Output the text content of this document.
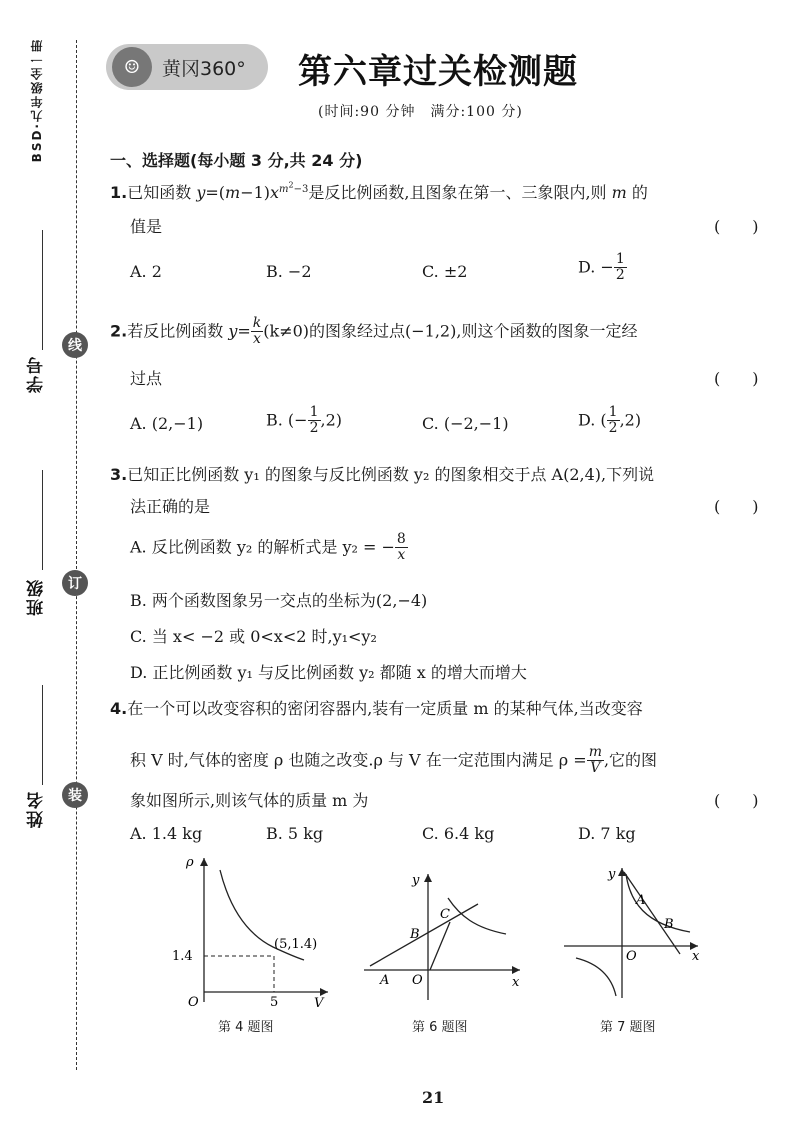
BSD·九年级全一册
线
订
装
学号
班级
姓名
☺	黄冈360° 第六章过关检测题
(时间:90 分钟　满分:100 分)
一、选择题(每小题 3 分,共 24 分)
1.已知函数 $y=(m-1)x^{m^2-3}$是反比例函数,且图象在第一、三象限内,则 m 的
值是	(　　)
A. 2	B. −2	C. ±2	D. − $\frac{1}{2}$
2.若反比例函数 $y= \frac{k}{x} (k\ne 0)$的图象经过点(−1,2),则这个函数的图象一定经
过点	(　　)
A. (2,−1)	B. (− $\frac{1}{2} ,2$)	C. (−2,−1)	D. ( $\frac{1}{2} ,2$)
3.已知正比例函数 y₁ 的图象与反比例函数 y₂ 的图象相交于点 A(2,4),下列说
法正确的是	(　　)
A. 反比例函数 y₂ 的解析式是 y₂ = − $\frac{8}{x}$
B. 两个函数图象另一交点的坐标为(2,−4)
C. 当 x< −2 或 0<x<2 时,y₁<y₂
D. 正比例函数 y₁ 与反比例函数 y₂ 都随 x 的增大而增大
4.在一个可以改变容积的密闭容器内,装有一定质量 m 的某种气体,当改变容
积 V 时,气体的密度 ρ 也随之改变.ρ 与 V 在一定范围内满足 $\rho = \frac{m}{V}$ ,它的图
象如图所示,则该气体的质量 m 为	(　　)
A. 1.4 kg	B. 5 kg	C. 6.4 kg	D. 7 kg
ρ
V
O
1.4
5
(5,1.4)
第 4 题图
y
x
O
A
B
C
第 6 题图
y
x
O
A
B
第 7 题图
21
